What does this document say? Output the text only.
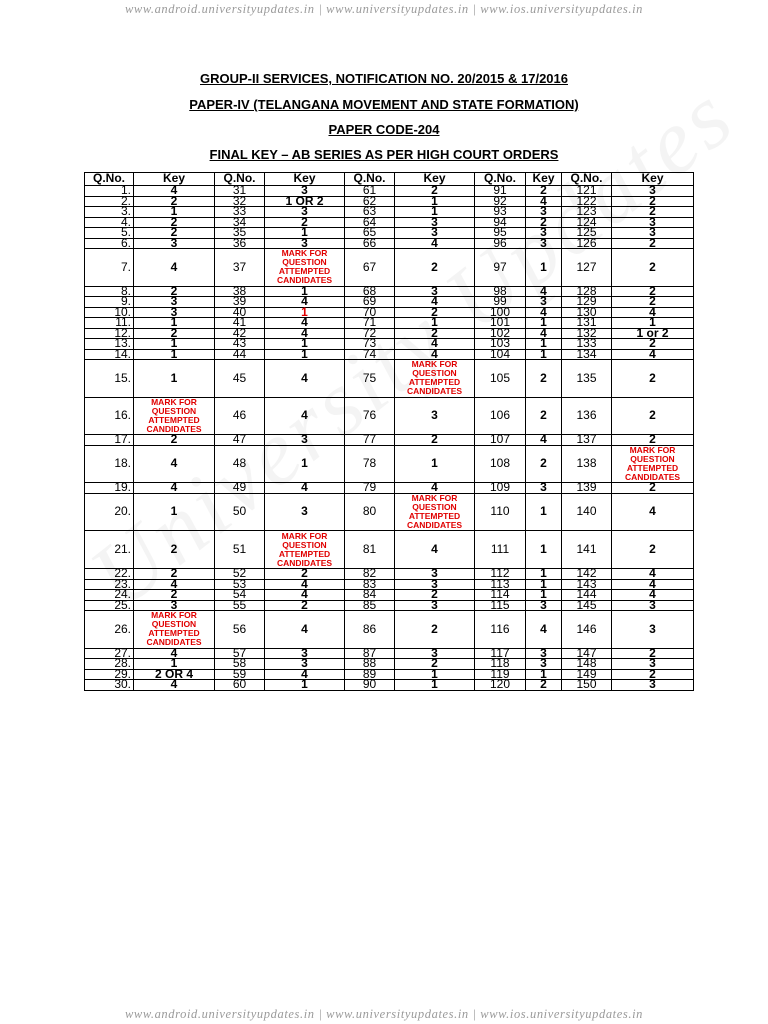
www.android.universityupdates.in | www.universityupdates.in | www.ios.universityupdates.in
GROUP-II SERVICES, NOTIFICATION NO. 20/2015 & 17/2016
PAPER-IV (TELANGANA MOVEMENT AND STATE FORMATION)
PAPER CODE-204
FINAL KEY – AB SERIES AS PER HIGH COURT ORDERS
Q.No.	Key	Q.No.	Key	Q.No.	Key	Q.No.	Key	Q.No.	Key
1.	4	31	3	61	2	91	2	121	3
2.	2	32	1 OR 2	62	1	92	4	122	2
3.	1	33	3	63	1	93	3	123	2
4.	2	34	2	64	3	94	2	124	3
5.	2	35	1	65	3	95	3	125	3
6.	3	36	3	66	4	96	3	126	2
7.	4	37	MARK FOR
QUESTION
ATTEMPTED
CANDIDATES	67	2	97	1	127	2
8.	2	38	1	68	3	98	4	128	2
9.	3	39	4	69	4	99	3	129	2
10.	3	40	1	70	2	100	4	130	4
11.	1	41	4	71	1	101	1	131	1
12.	2	42	4	72	2	102	4	132	1 or 2
13.	1	43	1	73	4	103	1	133	2
14.	1	44	1	74	4	104	1	134	4
15.	1	45	4	75	MARK FOR
QUESTION
ATTEMPTED
CANDIDATES	105	2	135	2
16.	MARK FOR
QUESTION
ATTEMPTED
CANDIDATES	46	4	76	3	106	2	136	2
17.	2	47	3	77	2	107	4	137	2
18.	4	48	1	78	1	108	2	138	MARK FOR
QUESTION
ATTEMPTED
CANDIDATES

19.	4	49	4	79	4	109	3	139	2
20.	1	50	3	80	MARK FOR
QUESTION
ATTEMPTED
CANDIDATES	110	1	140	4
21.	2	51	MARK FOR
QUESTION
ATTEMPTED
CANDIDATES	81	4	111	1	141	2
22.	2	52	2	82	3	112	1	142	4
23.	4	53	4	83	3	113	1	143	4
24.	2	54	4	84	2	114	1	144	4
25.	3	55	2	85	3	115	3	145	3
26.	MARK FOR
QUESTION
ATTEMPTED
CANDIDATES	56	4	86	2	116	4	146	3
27.	4	57	3	87	3	117	3	147	2
28.	1	58	3	88	2	118	3	148	3
29.	2 OR 4	59	4	89	1	119	1	149	2
30.	4	60	1	90	1	120	2	150	3
www.android.universityupdates.in | www.universityupdates.in | www.ios.universityupdates.in
